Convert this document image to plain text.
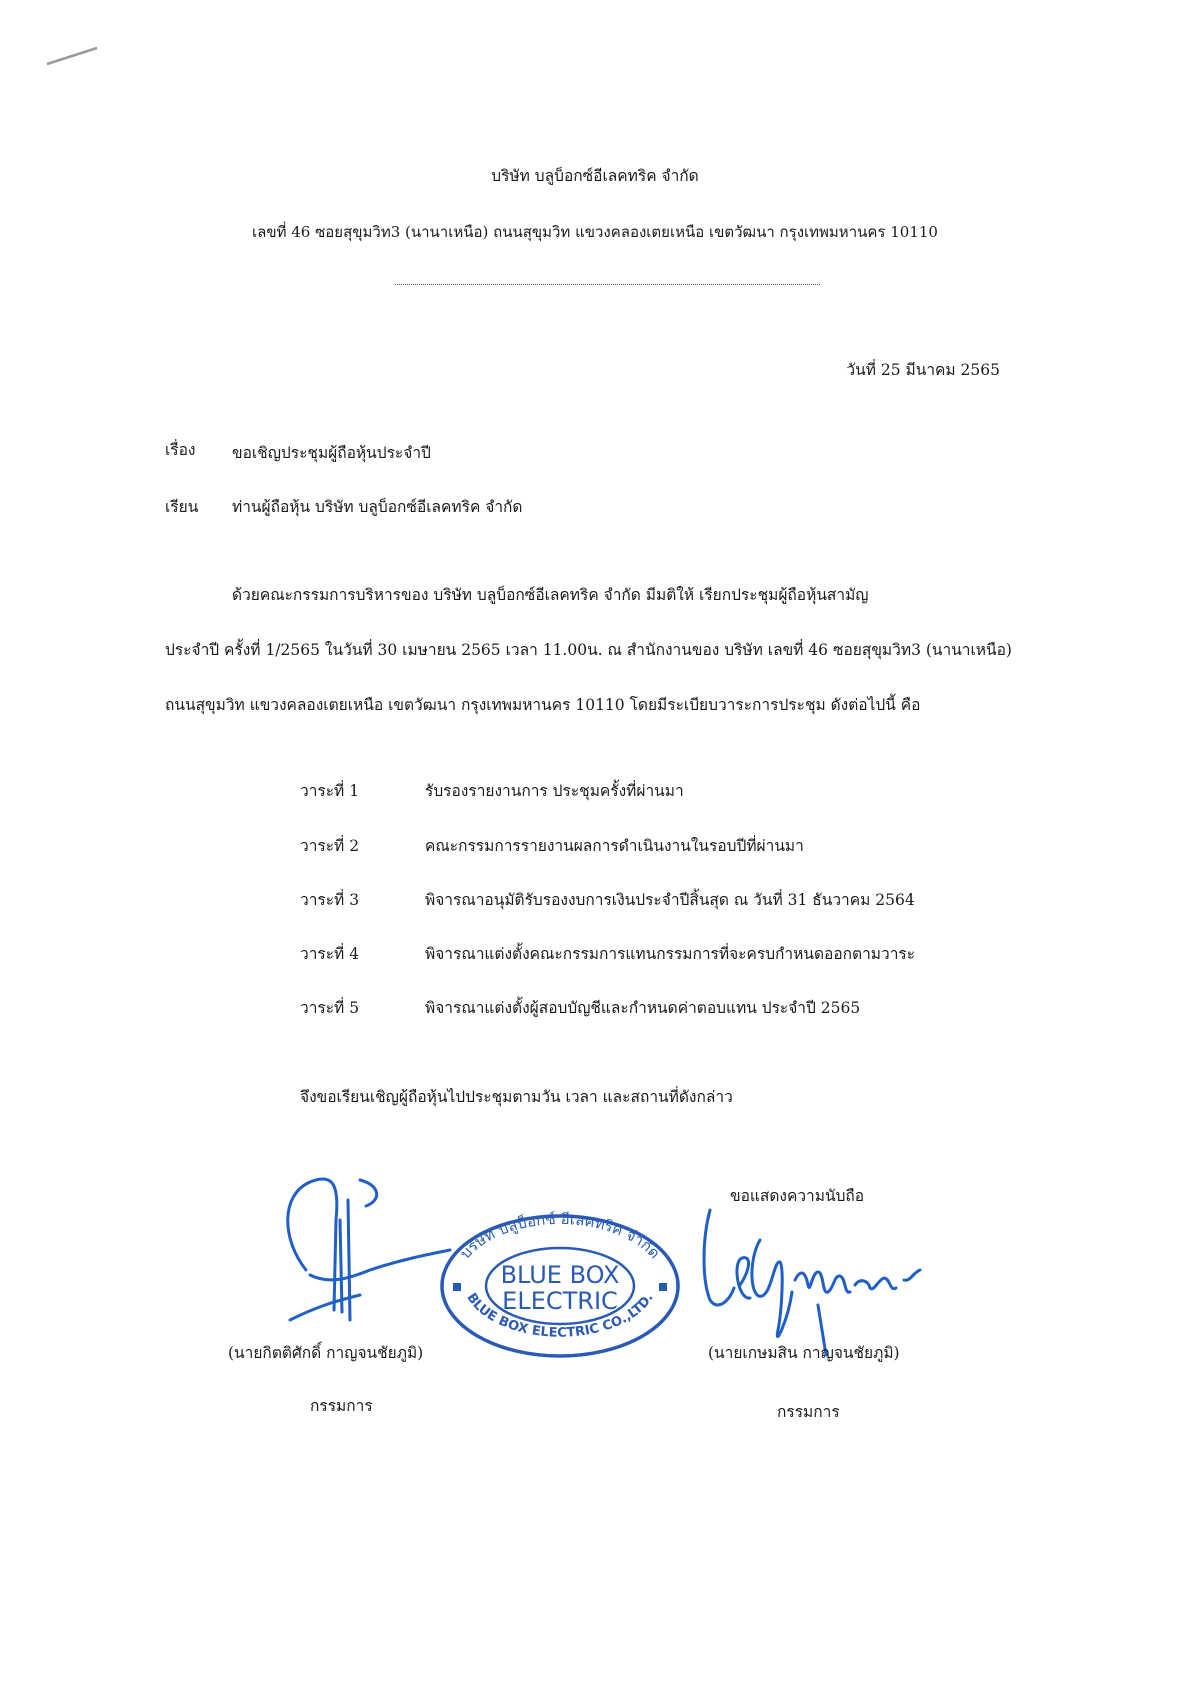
บริษัท บลูบ็อกซ์อีเลคทริค จำกัด
เลขที่ 46 ซอยสุขุมวิท3 (นานาเหนือ) ถนนสุขุมวิท แขวงคลองเตยเหนือ เขตวัฒนา กรุงเทพมหานคร 10110
วันที่ 25 มีนาคม 2565
เรื่อง ขอเชิญประชุมผู้ถือหุ้นประจำปี
เรียน ท่านผู้ถือหุ้น บริษัท บลูบ็อกซ์อีเลคทริค จำกัด
ด้วยคณะกรรมการบริหารของ บริษัท บลูบ็อกซ์อีเลคทริค จำกัด มีมติให้ เรียกประชุมผู้ถือหุ้นสามัญ
ประจำปี ครั้งที่ 1/2565 ในวันที่ 30 เมษายน 2565 เวลา 11.00น. ณ สำนักงานของ บริษัท เลขที่ 46 ซอยสุขุมวิท3 (นานาเหนือ)
ถนนสุขุมวิท แขวงคลองเตยเหนือ เขตวัฒนา กรุงเทพมหานคร 10110 โดยมีระเบียบวาระการประชุม ดังต่อไปนี้ คือ
วาระที่ 1	รับรองรายงานการ ประชุมครั้งที่ผ่านมา
วาระที่ 2	คณะกรรมการรายงานผลการดำเนินงานในรอบปีที่ผ่านมา
วาระที่ 3	พิจารณาอนุมัติรับรองงบการเงินประจำปีสิ้นสุด ณ วันที่ 31 ธันวาคม 2564
วาระที่ 4	พิจารณาแต่งตั้งคณะกรรมการแทนกรรมการที่จะครบกำหนดออกตามวาระ
วาระที่ 5	พิจารณาแต่งตั้งผู้สอบบัญชีและกำหนดค่าตอบแทน ประจำปี 2565
จึงขอเรียนเชิญผู้ถือหุ้นไปประชุมตามวัน เวลา และสถานที่ดังกล่าว
ขอแสดงความนับถือ
บริษัท บลูบ็อกซ์ อีเลคทริค จำกัด
BLUE BOX ELECTRIC CO.,LTD.
BLUE BOX
ELECTRIC
(นายกิตติศักดิ์ กาญจนชัยภูมิ)
กรรมการ
(นายเกษมสิน กาญจนชัยภูมิ)
กรรมการ
